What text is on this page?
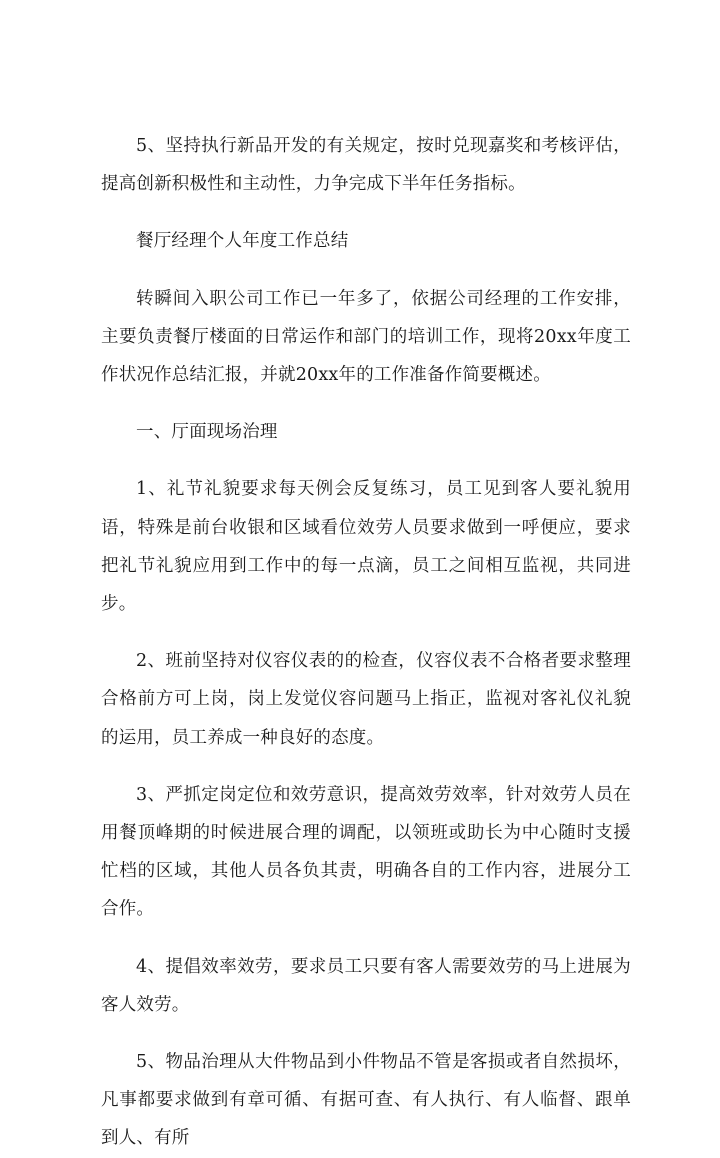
5、坚持执行新品开发的有关规定，按时兑现嘉奖和考核评估，提高创新积极性和主动性，力争完成下半年任务指标。

餐厅经理个人年度工作总结

转瞬间入职公司工作已一年多了，依据公司经理的工作安排，主要负责餐厅楼面的日常运作和部门的培训工作，现将20xx年度工作状况作总结汇报，并就20xx年的工作准备作简要概述。

一、厅面现场治理

1、礼节礼貌要求每天例会反复练习，员工见到客人要礼貌用语，特殊是前台收银和区域看位效劳人员要求做到一呼便应，要求把礼节礼貌应用到工作中的每一点滴，员工之间相互监视，共同进步。

2、班前坚持对仪容仪表的的检查，仪容仪表不合格者要求整理合格前方可上岗，岗上发觉仪容问题马上指正，监视对客礼仪礼貌的运用，员工养成一种良好的态度。

3、严抓定岗定位和效劳意识，提高效劳效率，针对效劳人员在用餐顶峰期的时候进展合理的调配，以领班或助长为中心随时支援忙档的区域，其他人员各负其责，明确各自的工作内容，进展分工合作。

4、提倡效率效劳，要求员工只要有客人需要效劳的马上进展为客人效劳。

5、物品治理从大件物品到小件物品不管是客损或者自然损坏，凡事都要求做到有章可循、有据可查、有人执行、有人临督、跟单到人、有所
